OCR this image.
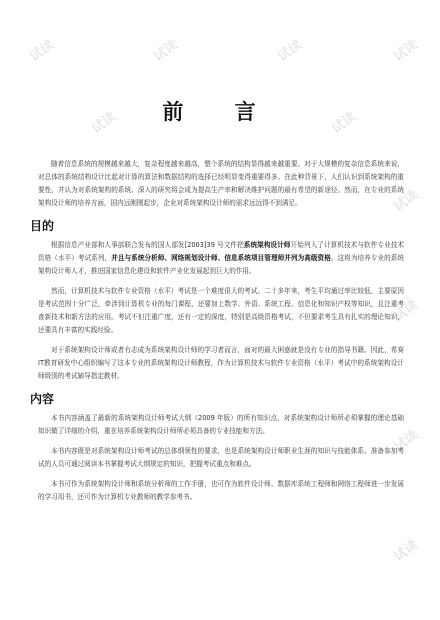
试读	试读	试读	试读
试读	试读
试读
试读
试读
试读
前 言

随着信息系统的规模越来越大，复杂程度越来越高，整个系统的结构显得越来越重要。对于大规模的复杂信息系统来说，对总体的系统结构设计比起对计算的算法和数据结构的选择已经明显变得重要得多。在此种背景下，人们认识到系统架构的重要性，并认为对系统架构的系统、深入的研究将会成为提高生产率和解决维护问题的最有希望的新途径。然而，在专业的系统架构设计师的培养方面，国内远刚刚起步，企业对系统架构设计师的需求远远得不到满足。

目的

根据信息产业部和人事部联合发布的国人部发[2003]39 号文件把系统架构设计师开始列入了计算机技术与软件专业技术资格（水平）考试系列，并且与系统分析师、网络规划设计师、信息系统项目管理师并列为高级资格。这将为培养专业的系统架构设计师人才，推进国家信息化建设和软件产业化发展起到巨大的作用。

然而，计算机技术与软件专业资格（水平）考试是一个难度很大的考试。二十多年来，考生平均通过率比较低，主要原因是考试范围十分广泛，牵涉到计算机专业的每门课程，还要加上数学、外语、系统工程、信息化和知识产权等知识，且注重考查新技术和新方法的应用。考试不但注重广度，还有一定的深度，特别是高级资格考试，不但要求考生具有扎实的理论知识，还要具有丰富的实践经验。

对于系统架构设计师或者有志成为系统架构设计师的学习者而言，面对的最大困惑就是没有专业的指导书籍。因此，希赛IT教育研发中心组织编写了这本专业的系统架构设计师教程，作为计算机技术与软件专业资格（水平）考试中的系统架构设计师级别的考试辅导指定教材。

内容

本书内容涵盖了最新的系统架构设计师考试大纲（2009 年版）的所有知识点，对系统架构设计师所必须掌握的理论基础知识做了详细的介绍，重在培养系统架构设计师所必须具备的专业技能和方法。

本书内容既是对系统架构设计师考试的总体纲领性的要求，也是系统架构设计师职业生涯的知识与技能体系。准备参加考试的人员可通过阅读本书掌握考试大纲规定的知识，把握考试重点和难点。

本书可作为系统架构设计师和系统分析师的工作手册，也可作为软件设计师、数据库系统工程师和网络工程师进一步发展的学习用书，还可作为计算机专业教师的教学参考书。
